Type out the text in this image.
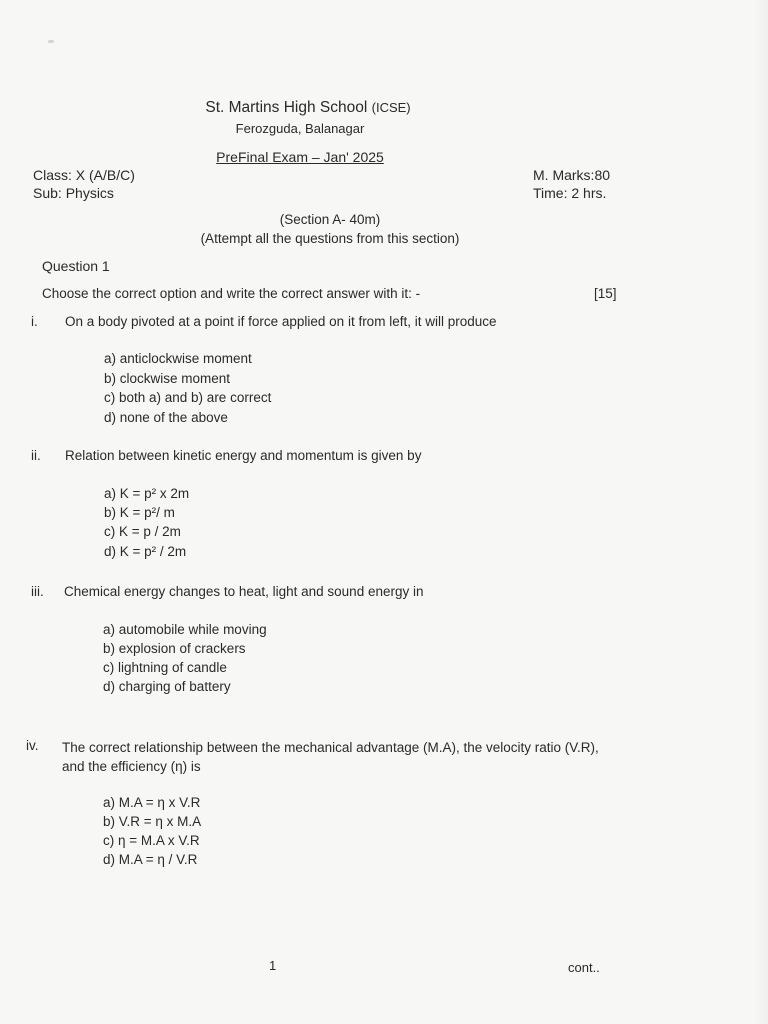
St. Martins High School (ICSE)
Ferozguda, Balanagar
PreFinal Exam – Jan' 2025
Class: X (A/B/C)
Sub: Physics
M. Marks:80
Time: 2 hrs.
(Section A- 40m)
(Attempt all the questions from this section)
Question 1
Choose the correct option and write the correct answer with it: -	[15]
i. On a body pivoted at a point if force applied on it from left, it will produce
a) anticlockwise moment
b) clockwise moment
c) both a) and b) are correct
d) none of the above
ii. Relation between kinetic energy and momentum is given by
a) K = p² x 2m
b) K = p²/ m
c) K = p / 2m
d) K = p² / 2m
iii. Chemical energy changes to heat, light and sound energy in
a) automobile while moving
b) explosion of crackers
c) lightning of candle
d) charging of battery
iv. The correct relationship between the mechanical advantage (M.A), the velocity ratio (V.R), and the efficiency (η) is
a) M.A = η x V.R
b) V.R = η x M.A
c) η = M.A x V.R
d) M.A = η / V.R
1	cont..
